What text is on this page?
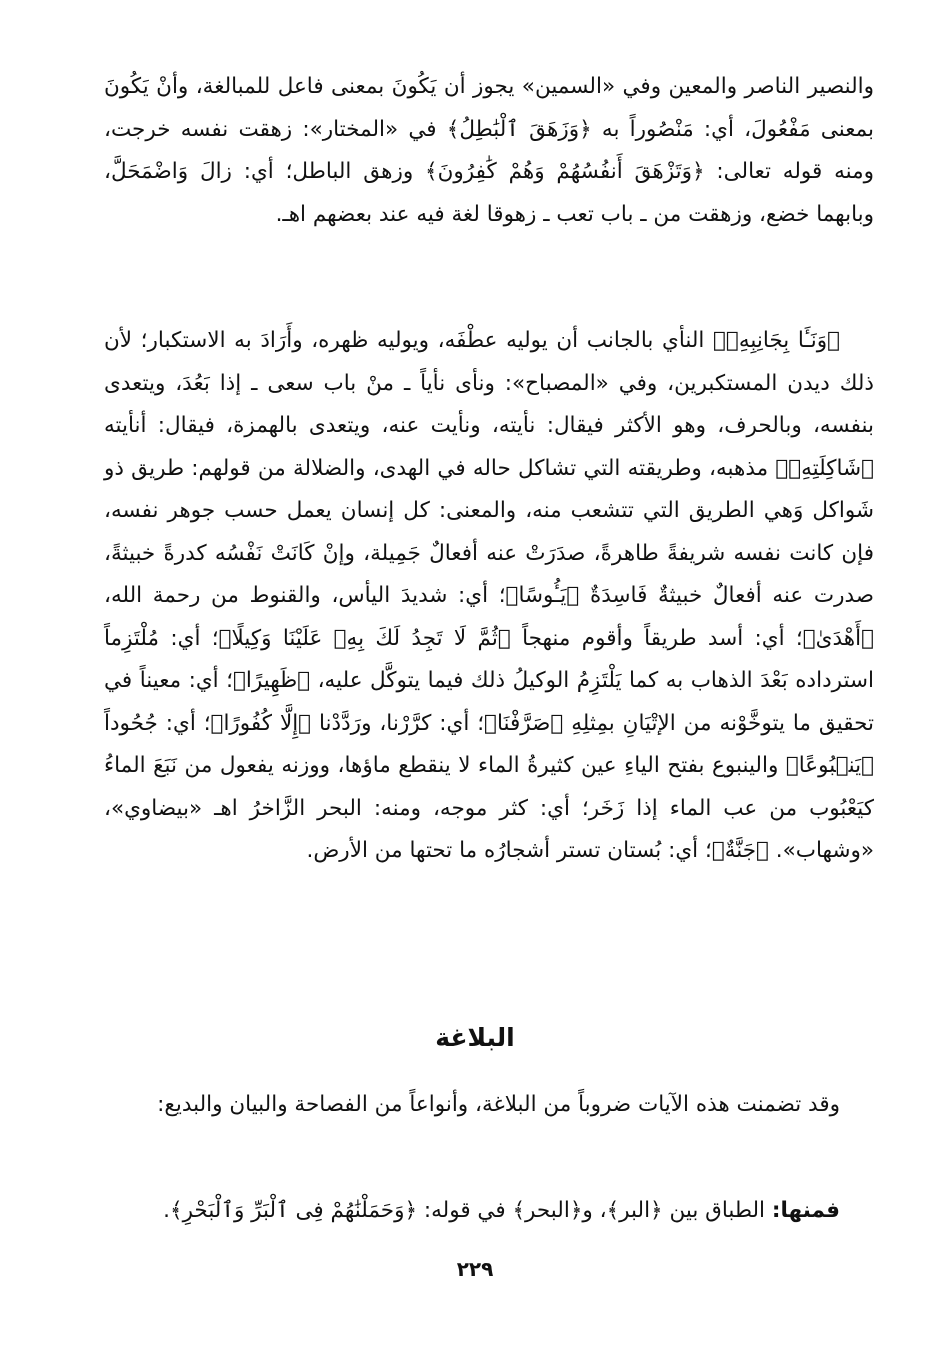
والنصير الناصر والمعين وفي «السمين» يجوز أن يَكُونَ بمعنى فاعل للمبالغة، وأنْ يَكُونَ بمعنى مَفْعُولَ، أي: مَنْصُوراً به ﴿وَزَهَقَ ٱلْبَٰطِلُ﴾ في «المختار»: زهقت نفسه خرجت، ومنه قوله تعالى: ﴿وَتَزْهَقَ أَنفُسُهُمْ وَهُمْ كَٰفِرُونَ﴾ وزهق الباطل؛ أي: زالَ وَاضْمَحَلَّ، وبابهما خضع، وزهقت من ـ باب تعب ـ زهوقا لغة فيه عند بعضهم اهـ.

﴿وَنَـَٔا بِجَانِبِهِۦ﴾ النأي بالجانب أن يوليه عطْفَه، ويوليه ظهره، وأَرَادَ به الاستكبار؛ لأن ذلك ديدن المستكبرين، وفي «المصباح»: ونأى نأياً ـ منْ باب سعى ـ إذا بَعُدَ، ويتعدى بنفسه، وبالحرف، وهو الأكثر فيقال: نأيته، ونأيت عنه، ويتعدى بالهمزة، فيقال: أنأيته ﴿شَاكِلَتِهِۦ﴾ مذهبه، وطريقته التي تشاكل حاله في الهدى، والضلالة من قولهم: طريق ذو شَواكل وَهي الطريق التي تتشعب منه، والمعنى: كل إنسان يعمل حسب جوهر نفسه، فإن كانت نفسه شريفةً طاهرةً، صدَرَتْ عنه أفعالٌ جَمِيلة، وإنْ كَانَتْ نَفْسُه كدرةً خبيثةً، صدرت عنه أفعالٌ خبيثةٌ فَاسِدَةٌ ﴿يَـُٔوسًا﴾؛ أي: شديدَ اليأس، والقنوط من رحمة الله، ﴿أَهْدَىٰ﴾؛ أي: أسد طريقاً وأقوم منهجاً ﴿ثُمَّ لَا تَجِدُ لَكَ بِهِۦ عَلَيْنَا وَكِيلًا﴾؛ أي: مُلْتَزِماً استرداده بَعْدَ الذهاب به كما يَلْتَزِمُ الوكيلُ ذلك فيما يتوكَّل عليه، ﴿ظَهِيرًا﴾؛ أي: معيناً في تحقيق ما يتوخَّوْنه من الإتْيَانِ بمِثلِهِ ﴿صَرَّفْنَا﴾؛ أي: كرَّرْنا، ورَدَّدْنا ﴿إِلَّا كُفُورًا﴾؛ أي: جُحُوداً ﴿يَنۢبُوعًا﴾ والينبوع بفتح الياءِ عين كثيرةُ الماء لا ينقطع ماؤها، ووزنه يفعول من نَبَعَ الماءُ كيَعْبُوب من عب الماء إذا زَخَر؛ أي: كثر موجه، ومنه: البحر الزَّاخرُ اهـ «بيضاوي»، «وشهاب». ﴿جَنَّةٌ﴾؛ أي: بُستان تستر أشجارُه ما تحتها من الأرض.

البلاغة

وقد تضمنت هذه الآيات ضروباً من البلاغة، وأنواعاً من الفصاحة والبيان والبديع:

فمنها: الطباق بين ﴿البر﴾، و﴿البحر﴾ في قوله: ﴿وَحَمَلْنَٰهُمْ فِى ٱلْبَرِّ وَٱلْبَحْرِ﴾.

٢٢٩
